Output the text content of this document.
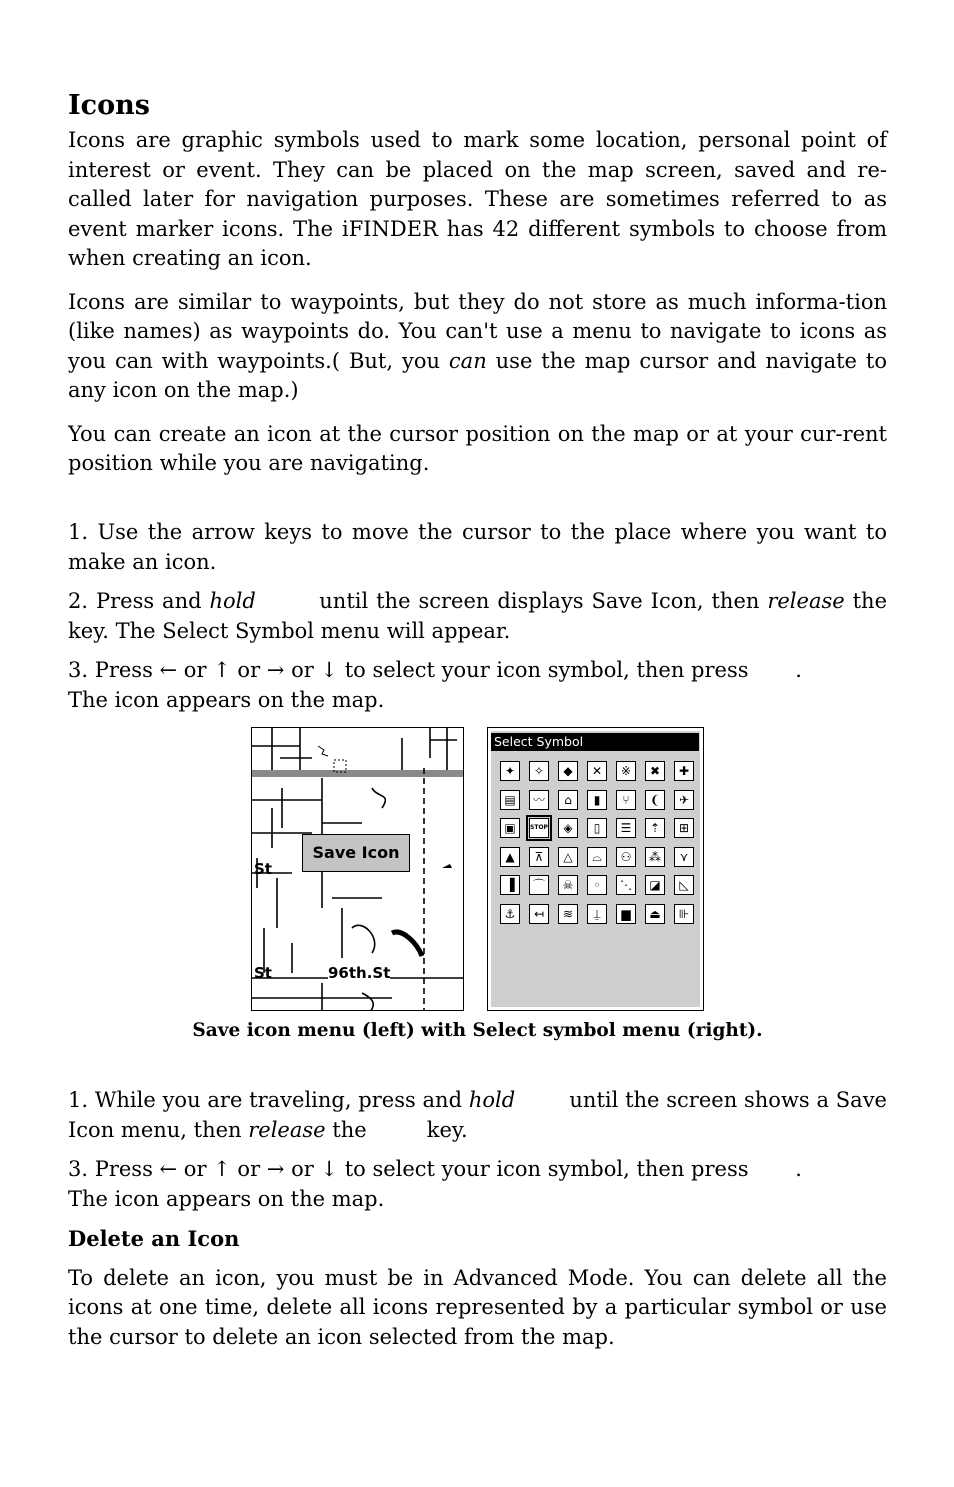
Icons

Icons are graphic symbols used to mark some location, personal point of interest or event. They can be placed on the map screen, saved and re-called later for navigation purposes. These are sometimes referred to as event marker icons. The iFINDER has 42 different symbols to choose from when creating an icon.

Icons are similar to waypoints, but they do not store as much informa-tion (like names) as waypoints do. You can't use a menu to navigate to icons as you can with waypoints.( But, you can use the map cursor and navigate to any icon on the map.)

You can create an icon at the cursor position on the map or at your cur-rent position while you are navigating.

1. Use the arrow keys to move the cursor to the place where you want to make an icon.

2. Press and hold        until the screen displays Save Icon, then release the         key. The Select Symbol menu will appear.

3. Press ← or ↑ or → or ↓ to select your icon symbol, then press       .
The icon appears on the map.

Save Icon
St
St	96th.St
Select Symbol
✦	✧	◆	✕	※	✖	✚
▤	〰	⌂	▮	⑂	❨	✈
▣	STOP	◈	▯	☰	⇡	⊞
▲	⊼	△	⌓	⚇	⁂	⋎
▐	⌒	☠	◦	⋱	◪	◺
⚓	↤	≋	⍊	▆	⏏	⊪
Save icon menu (left) with Select symbol menu (right).

1. While you are traveling, press and hold        until the screen shows a Save Icon menu, then release the         key.

3. Press ← or ↑ or → or ↓ to select your icon symbol, then press       .
The icon appears on the map.

Delete an Icon

To delete an icon, you must be in Advanced Mode. You can delete all the icons at one time, delete all icons represented by a particular symbol or use the cursor to delete an icon selected from the map.
